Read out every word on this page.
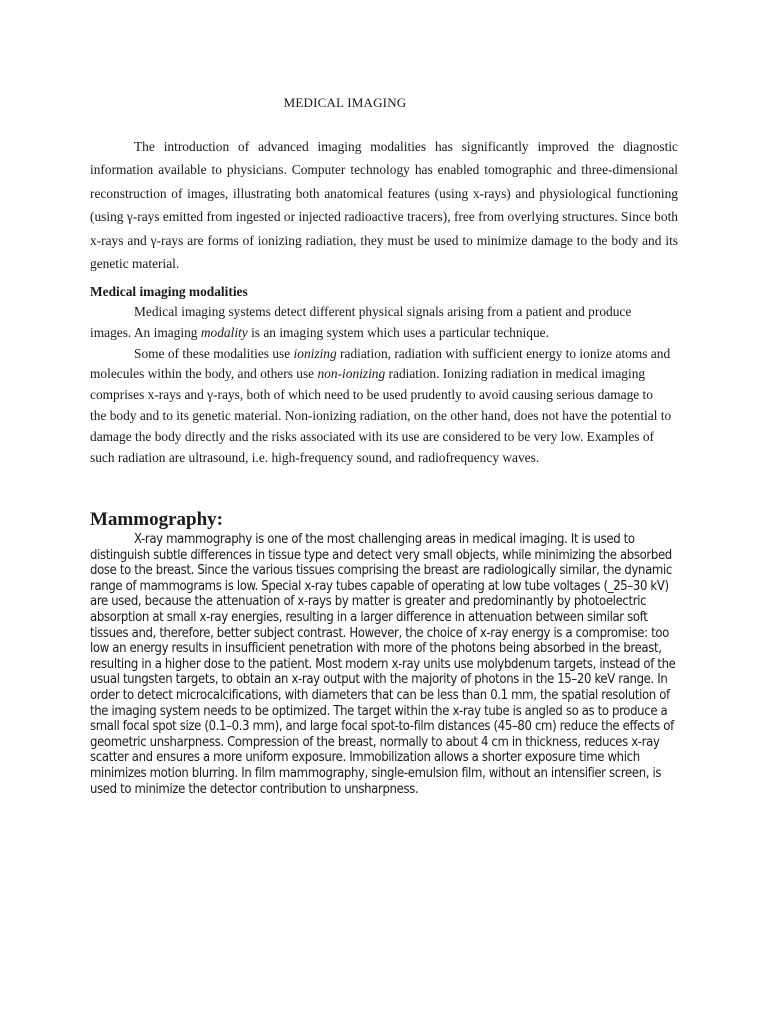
MEDICAL IMAGING

The introduction of advanced imaging modalities has significantly improved the diagnostic information available to physicians. Computer technology has enabled tomographic and three-dimensional reconstruction of images, illustrating both anatomical features (using x-rays) and physiological functioning (using γ-rays emitted from ingested or injected radioactive tracers), free from overlying structures. Since both x-rays and γ-rays are forms of ionizing radiation, they must be used to minimize damage to the body and its genetic material.

Medical imaging modalities

Medical imaging systems detect different physical signals arising from a patient and produce images. An imaging modality is an imaging system which uses a particular technique.

Some of these modalities use ionizing radiation, radiation with sufficient energy to ionize atoms and molecules within the body, and others use non-ionizing radiation. Ionizing radiation in medical imaging comprises x-rays and γ-rays, both of which need to be used prudently to avoid causing serious damage to the body and to its genetic material. Non-ionizing radiation, on the other hand, does not have the potential to damage the body directly and the risks associated with its use are considered to be very low. Examples of such radiation are ultrasound, i.e. high-frequency sound, and radiofrequency waves.

Mammography:

X-ray mammography is one of the most challenging areas in medical imaging. It is used to distinguish subtle differences in tissue type and detect very small objects, while minimizing the absorbed dose to the breast. Since the various tissues comprising the breast are radiologically similar, the dynamic range of mammograms is low. Special x-ray tubes capable of operating at low tube voltages (_25–30 kV) are used, because the attenuation of x-rays by matter is greater and predominantly by photoelectric absorption at small x-ray energies, resulting in a larger difference in attenuation between similar soft tissues and, therefore, better subject contrast. However, the choice of x-ray energy is a compromise: too low an energy results in insufficient penetration with more of the photons being absorbed in the breast, resulting in a higher dose to the patient. Most modern x-ray units use molybdenum targets, instead of the usual tungsten targets, to obtain an x-ray output with the majority of photons in the 15–20 keV range. In order to detect microcalcifications, with diameters that can be less than 0.1 mm, the spatial resolution of the imaging system needs to be optimized. The target within the x-ray tube is angled so as to produce a small focal spot size (0.1–0.3 mm), and large focal spot-to-film distances (45–80 cm) reduce the effects of geometric unsharpness. Compression of the breast, normally to about 4 cm in thickness, reduces x-ray scatter and ensures a more uniform exposure. Immobilization allows a shorter exposure time which minimizes motion blurring. In film mammography, single-emulsion film, without an intensifier screen, is used to minimize the detector contribution to unsharpness.
